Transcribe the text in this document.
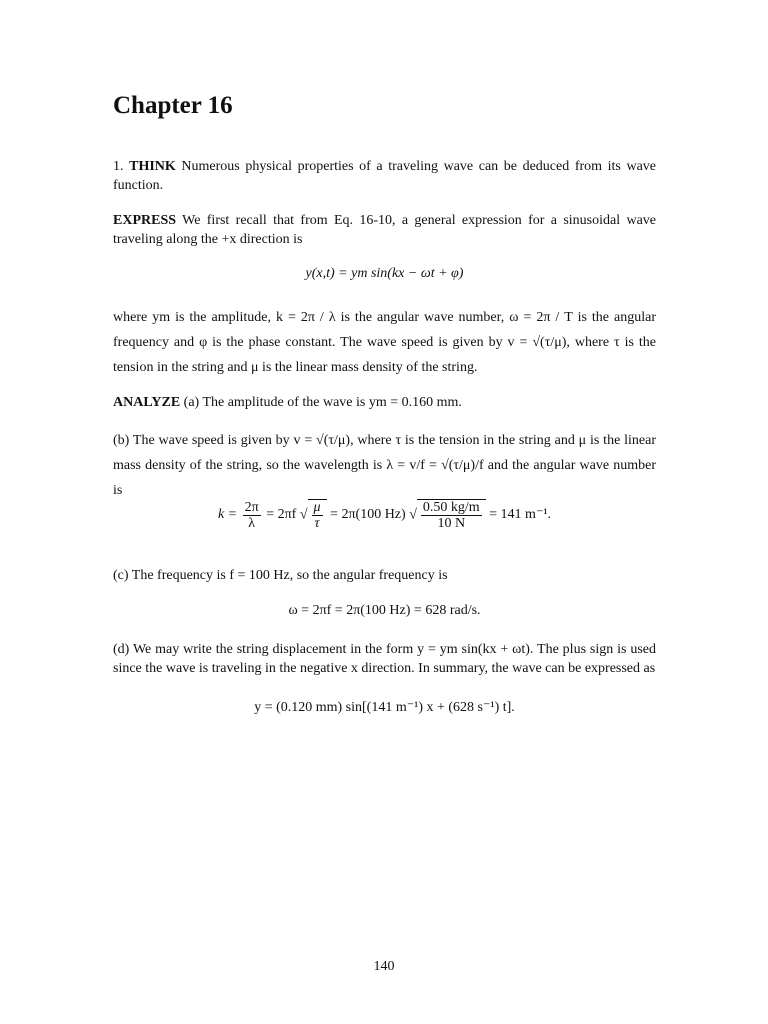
Chapter 16

1. THINK Numerous physical properties of a traveling wave can be deduced from its wave function.

EXPRESS We first recall that from Eq. 16-10, a general expression for a sinusoidal wave traveling along the +x direction is

y(x,t) = ym sin(kx − ωt + φ)

where ym is the amplitude, k = 2π / λ is the angular wave number, ω = 2π / T is the angular frequency and φ is the phase constant. The wave speed is given by v = √(τ/μ), where τ is the tension in the string and μ is the linear mass density of the string.

ANALYZE (a) The amplitude of the wave is ym = 0.160 mm.

(b) The wave speed is given by v = √(τ/μ), where τ is the tension in the string and μ is the linear mass density of the string, so the wavelength is λ = v/f = √(τ/μ)/f and the angular wave number is

$k = \frac{2\pi}{\lambda} = 2\pi f$ √ $\frac{\mu}{\tau} = 2\pi(100$ Hz) √ $\frac{0.50 kg/m}{10 N} = 141$ m⁻¹.

(c) The frequency is f = 100 Hz, so the angular frequency is

ω = 2πf = 2π(100 Hz) = 628 rad/s.

(d) We may write the string displacement in the form y = ym sin(kx + ωt). The plus sign is used since the wave is traveling in the negative x direction. In summary, the wave can be expressed as

y = (0.120 mm) sin[(141 m⁻¹) x + (628 s⁻¹) t].

140
